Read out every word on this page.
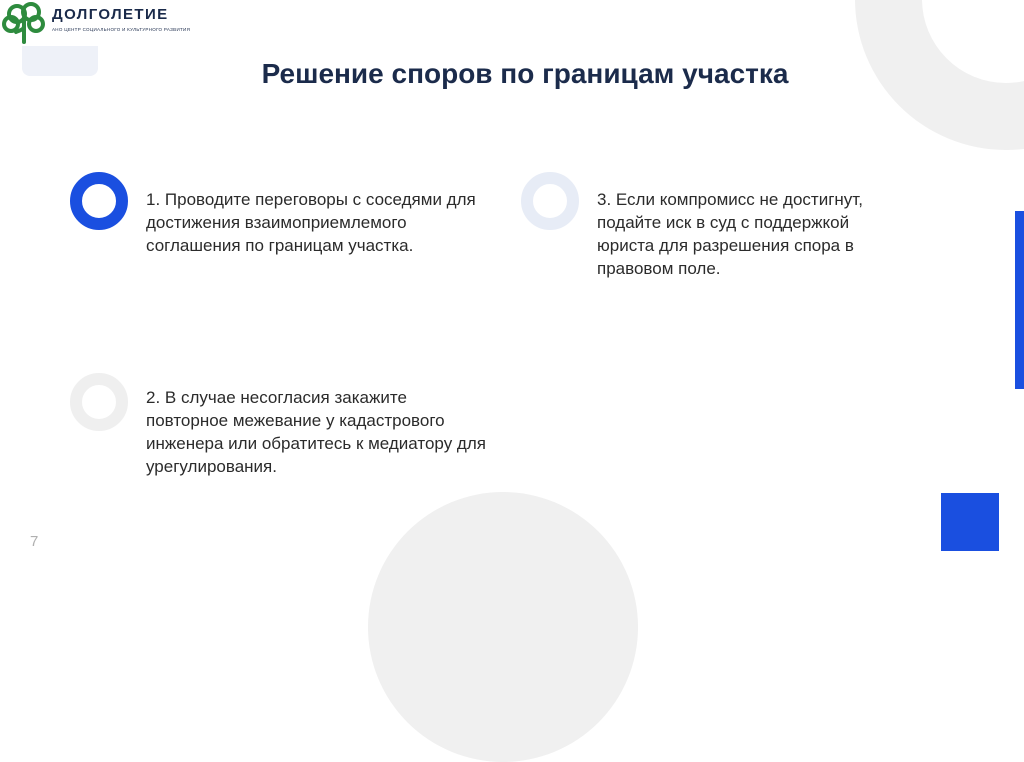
ДОЛГОЛЕТИЕ
АНО ЦЕНТР СОЦИАЛЬНОГО И КУЛЬТУРНОГО РАЗВИТИЯ
Решение споров по границам участка
1. Проводите переговоры с соседями для достижения взаимоприемлемого соглашения по границам участка.
2. В случае несогласия закажите повторное межевание у кадастрового инженера или обратитесь к медиатору для урегулирования.
3. Если компромисс не достигнут, подайте иск в суд с поддержкой юриста для разрешения спора в правовом поле.
7
